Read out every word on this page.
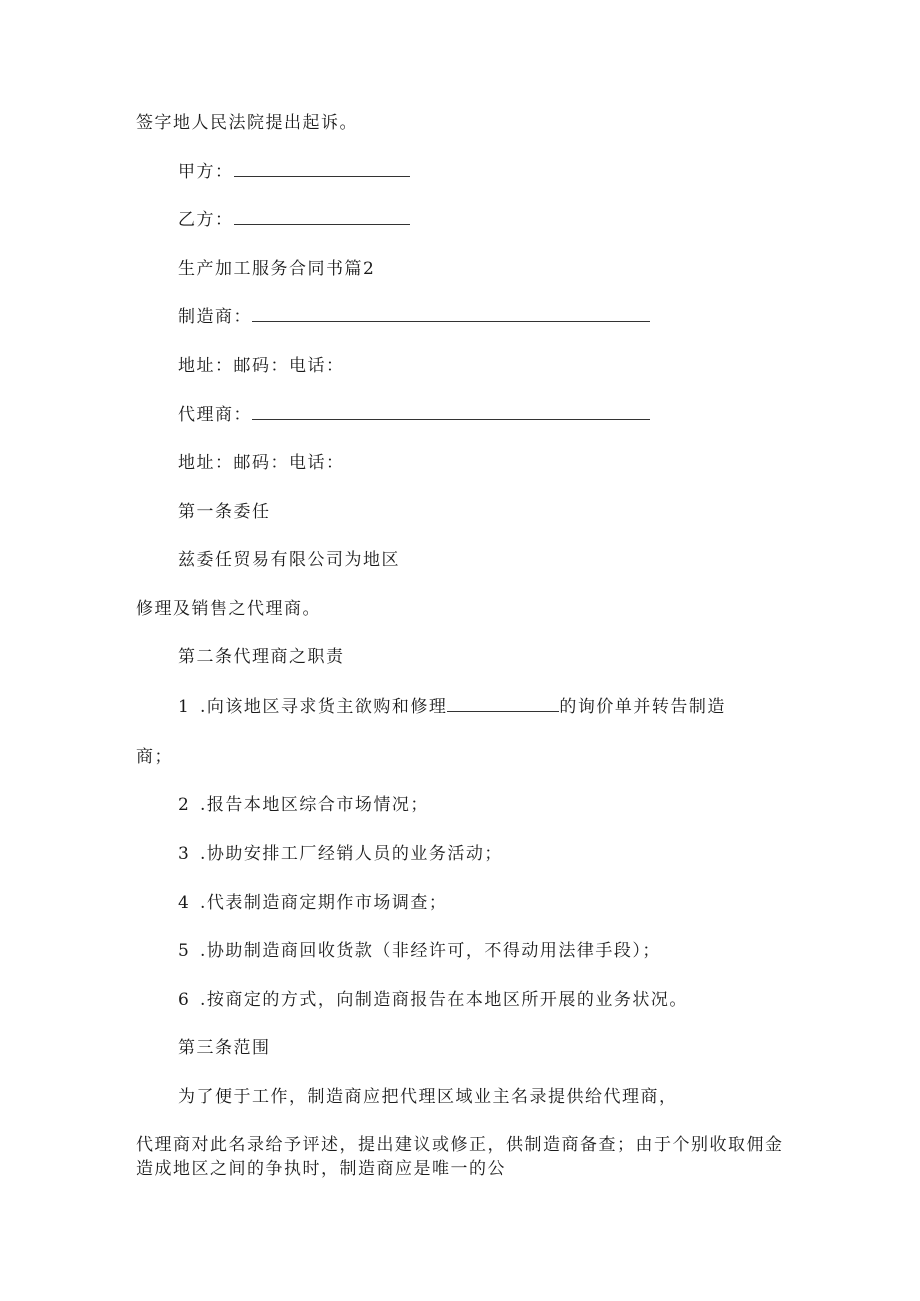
签字地人民法院提出起诉。
甲方：
乙方：
生产加工服务合同书篇2
制造商：
地址：邮码：电话：
代理商：
地址：邮码：电话：
第一条委任
兹委任贸易有限公司为地区
修理及销售之代理商。
第二条代理商之职责
1 .向该地区寻求货主欲购和修理	的询价单并转告制造
商；
2 .报告本地区综合市场情况；
3 .协助安排工厂经销人员的业务活动；
4 .代表制造商定期作市场调查；
5 .协助制造商回收货款（非经许可，不得动用法律手段）；
6 .按商定的方式，向制造商报告在本地区所开展的业务状况。
第三条范围
为了便于工作，制造商应把代理区域业主名录提供给代理商，
代理商对此名录给予评述，提出建议或修正，供制造商备查；由于个别收取佣金造成地区之间的争执时，制造商应是唯一的公
